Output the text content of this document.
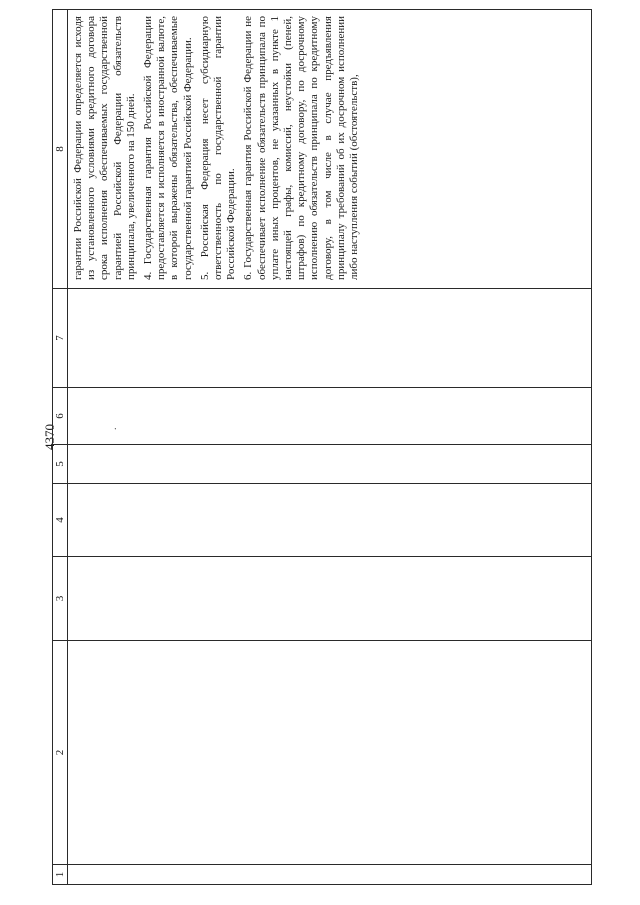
4370
1	2	3	4	5	6	7	8

					.		гарантии Российской Федерации определяется исходя из установленного условиями кредитного договора срока исполнения обеспечиваемых государственной гарантией Российской Федерации обязательств принципала, увеличенного на 150 дней. 4. Государственная гарантия Российской Федерации предоставляется и исполняется в иностранной валюте, в которой выражены обязательства, обеспечиваемые государственной гарантией Российской Федерации. 5. Российская Федерация несет субсидиарную ответственность по государственной гарантии Российской Федерации. 6. Государственная гарантия Российской Федерации не обеспечивает исполнение обязательств принципала по уплате иных процентов, не указанных в пункте 1 настоящей графы, комиссий, неустойки (пеней, штрафов) по кредитному договору, по досрочному исполнению обязательств принципала по кредитному договору, в том числе в случае предъявления принципалу требований об их досрочном исполнении либо наступления событий (обстоятельств),
